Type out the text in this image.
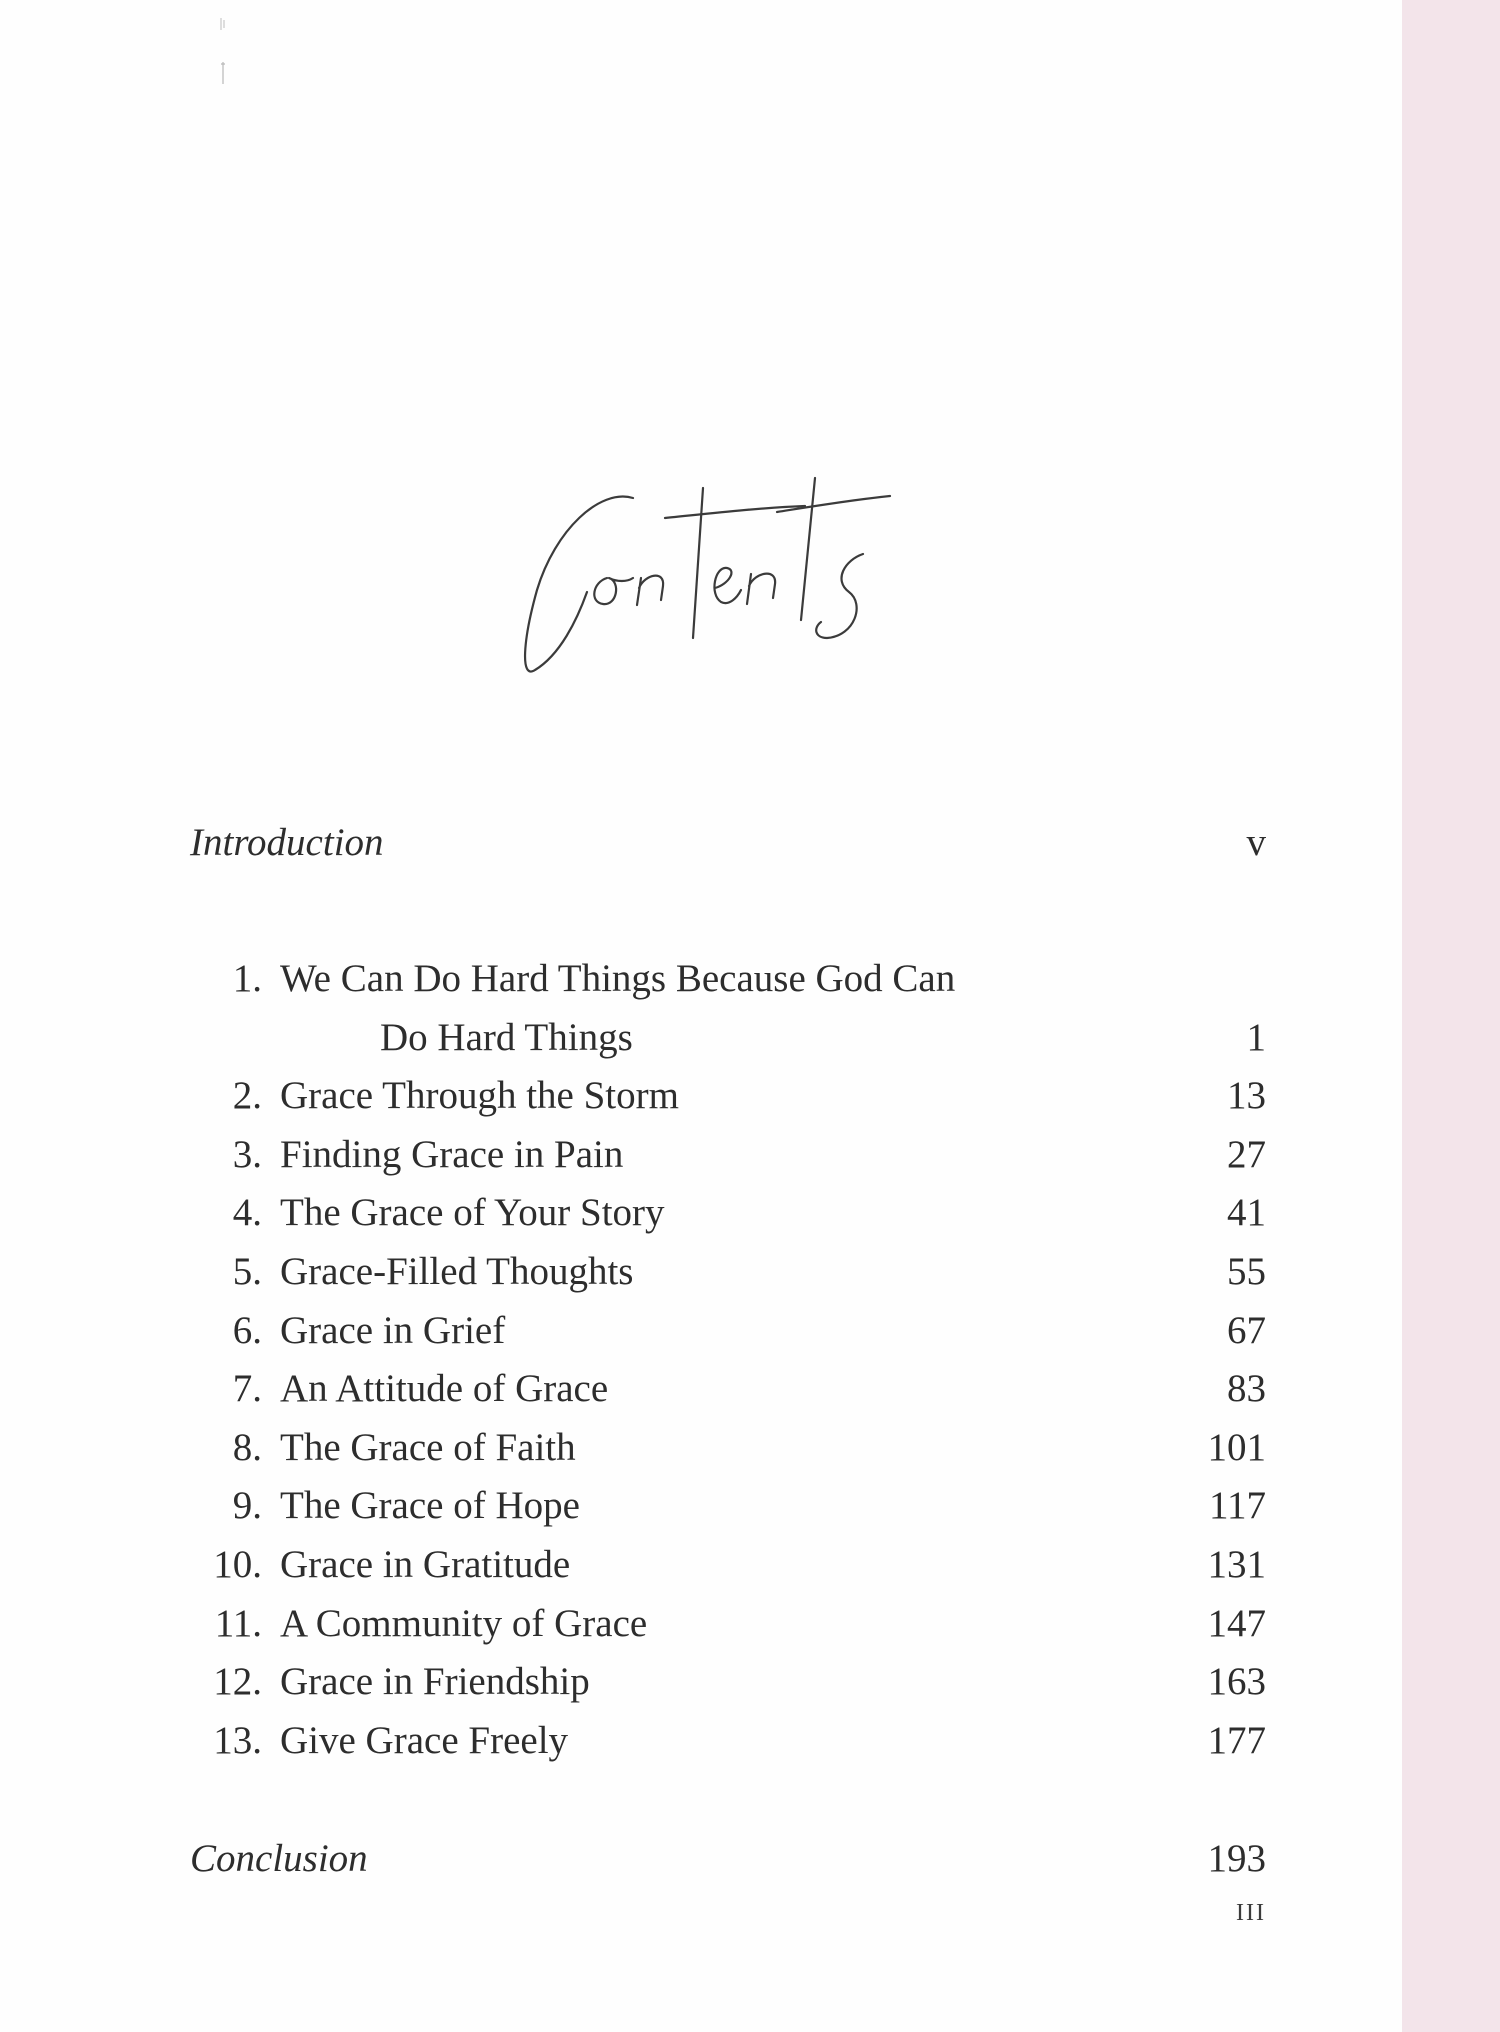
Introduction	v
1. We Can Do Hard Things Because God Can
Do Hard Things	1
2. Grace Through the Storm	13
3. Finding Grace in Pain	27
4. The Grace of Your Story	41
5. Grace-Filled Thoughts	55
6. Grace in Grief	67
7. An Attitude of Grace	83
8. The Grace of Faith	101
9. The Grace of Hope	117
10. Grace in Gratitude	131
11. A Community of Grace	147
12. Grace in Friendship	163
13. Give Grace Freely	177
Conclusion	193
III
